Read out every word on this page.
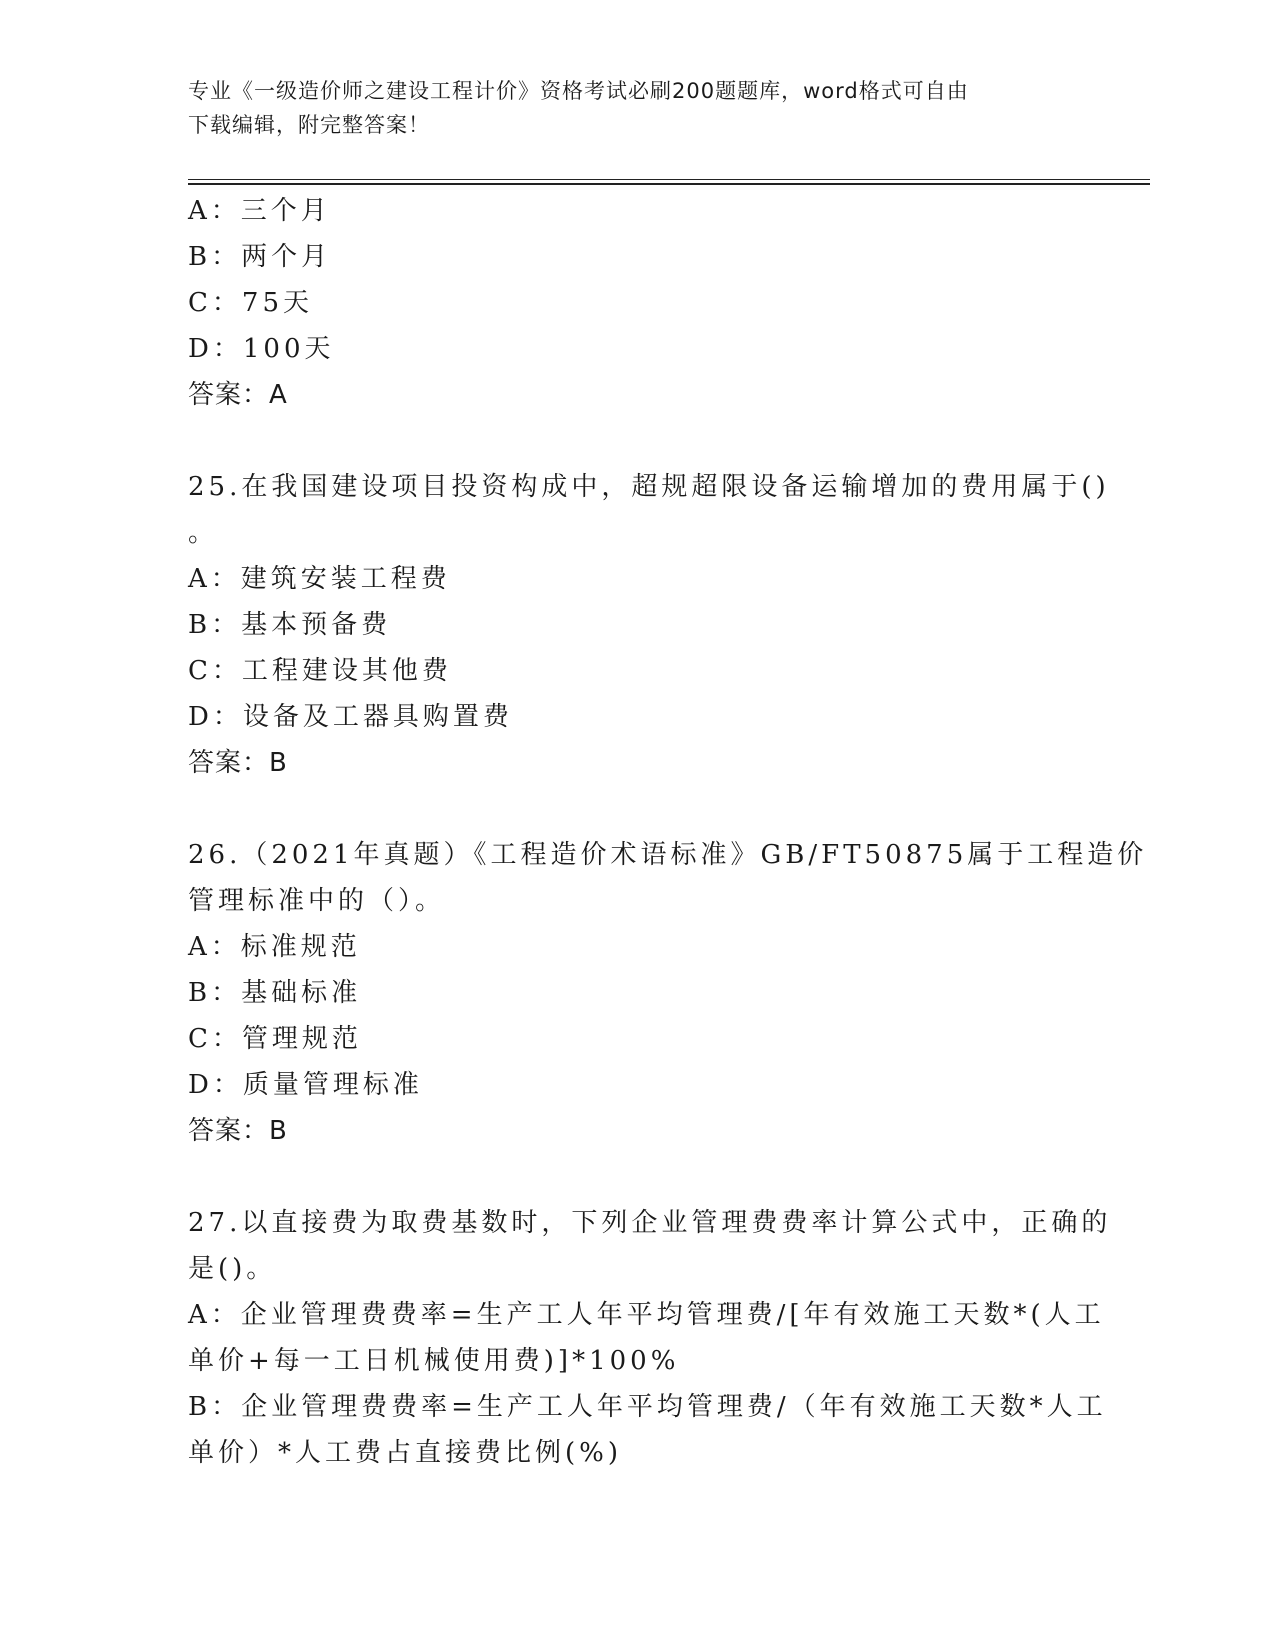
专业《一级造价师之建设工程计价》资格考试必刷200题题库，word格式可自由
下载编辑，附完整答案！
A：三个月
B：两个月
C：75天
D：100天
答案：A
25.在我国建设项目投资构成中，超规超限设备运输增加的费用属于()
。
A：建筑安装工程费
B：基本预备费
C：工程建设其他费
D：设备及工器具购置费
答案：B
26.（2021年真题）《工程造价术语标准》GB/FT50875属于工程造价
管理标准中的（）。
A：标准规范
B：基础标准
C：管理规范
D：质量管理标准
答案：B
27.以直接费为取费基数时，下列企业管理费费率计算公式中，正确的
是()。
A：企业管理费费率=生产工人年平均管理费/[年有效施工天数*(人工
单价+每一工日机械使用费)]*100%
B：企业管理费费率=生产工人年平均管理费/（年有效施工天数*人工
单价）*人工费占直接费比例(%)
